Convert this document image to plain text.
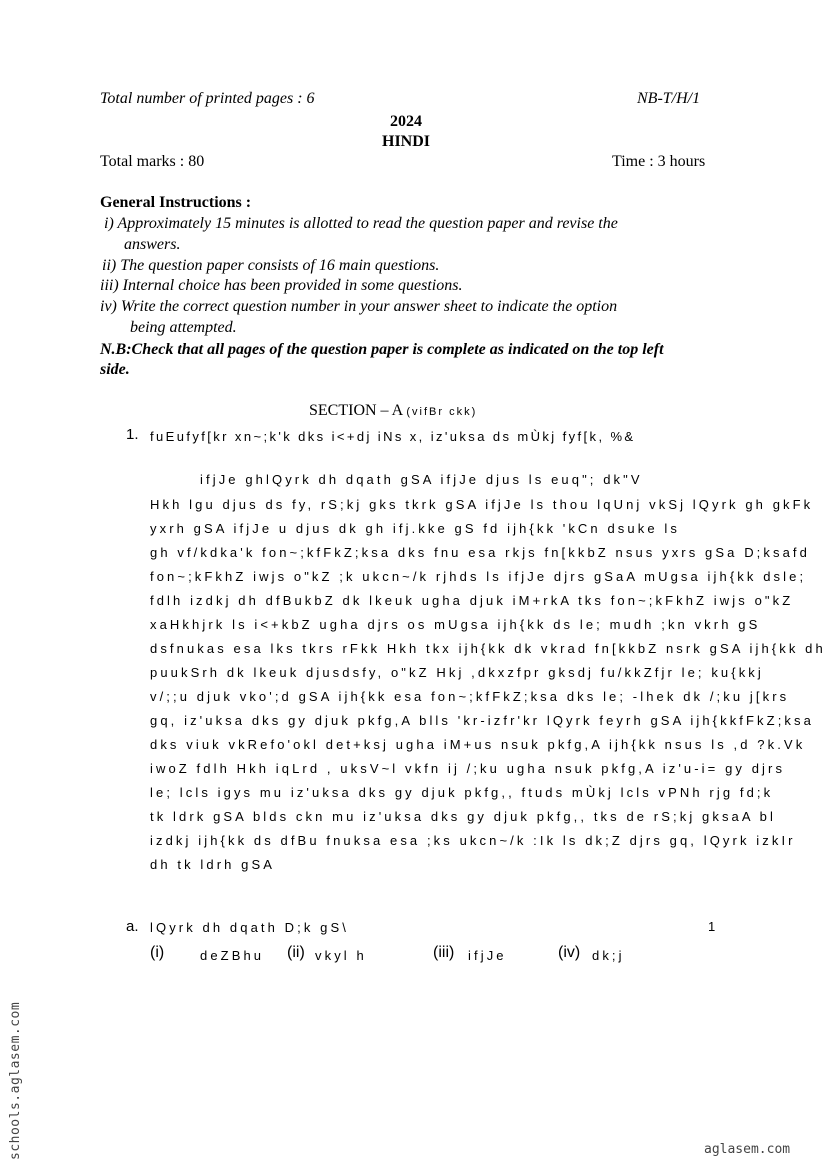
Total number of printed pages : 6	NB-T/H/1
2024
HINDI
Total marks : 80	Time : 3 hours
General Instructions :
i) Approximately 15 minutes is allotted to read the question paper and revise the
answers.
ii) The question paper consists of 16 main questions.
iii) Internal choice has been provided in some questions.
iv) Write the correct question number in your answer sheet to indicate the option
being attempted.
N.B:Check that all pages of the question paper is complete as indicated on the top left
side.
SECTION – A (vifBr ckk)
1. fuEufyf[kr xn~;k'k dks i<+dj iNs x, iz'uksa ds mÙkj fyf[k, %&
ifjJe ghlQyrk dh dqath gSA ifjJe djus ls euq"; dk"V
Hkh lgu djus ds fy, rS;kj gks tkrk gSA ifjJe ls thou lqUnj vkSj lQyrk gh gkFk
yxrh gSA ifjJe u djus dk gh ifj.kke gS fd ijh{kk 'kCn dsuke ls
gh vf/kdka'k fon~;kfFkZ;ksa dks fnu esa rkjs fn[kkbZ nsus yxrs gSa D;ksafd
fon~;kFkhZ iwjs o"kZ ;k ukcn~/k rjhds ls ifjJe djrs gSaA mUgsa ijh{kk dsle;
fdlh izdkj dh dfBukbZ dk lkeuk ugha djuk iM+rkA tks fon~;kFkhZ iwjs o"kZ
xaHkhjrk ls i<+kbZ ugha djrs os mUgsa ijh{kk ds le; mudh ;kn vkrh gS
dsfnukas esa lks tkrs rFkk Hkh tkx ijh{kk dk vkrad fn[kkbZ nsrk gSA ijh{kk dh
puukSrh dk lkeuk djusdsfy, o"kZ Hkj ,dkxzfpr gksdj fu/kkZfjr le; ku{kkj
v/;;u djuk vko';d gSA ijh{kk esa fon~;kfFkZ;ksa dks le; -lhek dk /;ku j[krs
gq, iz'uksa dks gy djuk pkfg,A blls 'kr-izfr'kr lQyrk feyrh gSA ijh{kkfFkZ;ksa
dks viuk vkRefo'okl det+ksj ugha iM+us nsuk pkfg,A ijh{kk nsus ls ,d ?k.Vk
iwoZ fdlh Hkh iqLrd , uksV~l vkfn ij /;ku ugha nsuk pkfg,A iz'u-i= gy djrs
le; lcls igys mu iz'uksa dks gy djuk pkfg,, ftuds mÙkj lcls vPNh rjg fd;k
tk ldrk gSA blds ckn mu iz'uksa dks gy djuk pkfg,, tks de rS;kj gksaA bl
izdkj ijh{kk ds dfBu fnuksa esa ;ks ukcn~/k :Ik ls dk;Z djrs gq, lQyrk izkIr
dh tk ldrh gSA
a. lQyrk dh dqath D;k gS\	1
(i)	deZBhu (ii) vkyl h	(iii) ifjJe	(iv) dk;j
schools.aglasem.com	aglasem.com
